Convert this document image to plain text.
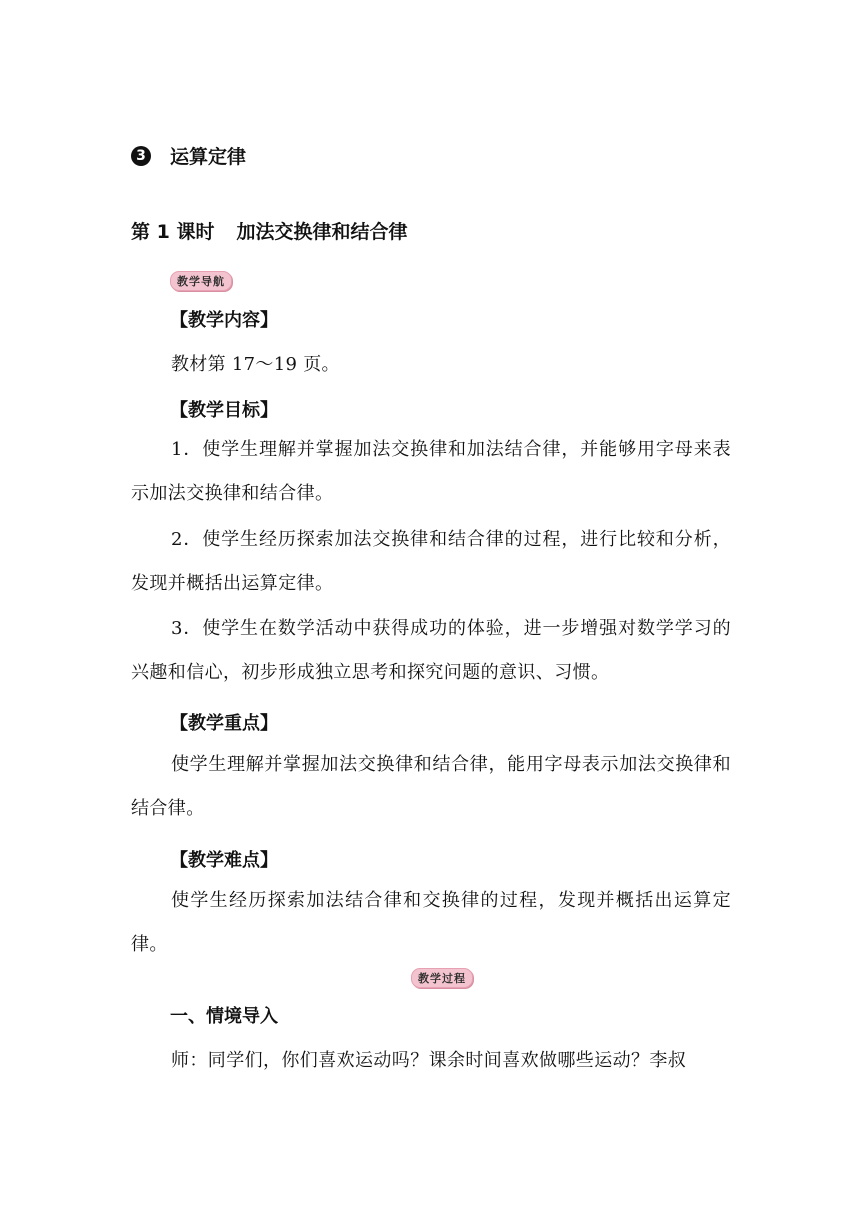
3 运算定律
第 1 课时 加法交换律和结合律
教学导航
【教学内容】
教材第 17～19 页。
【教学目标】
1．使学生理解并掌握加法交换律和加法结合律，并能够用字母来表示加法交换律和结合律。
2．使学生经历探索加法交换律和结合律的过程，进行比较和分析，发现并概括出运算定律。
3．使学生在数学活动中获得成功的体验，进一步增强对数学学习的兴趣和信心，初步形成独立思考和探究问题的意识、习惯。
【教学重点】
使学生理解并掌握加法交换律和结合律，能用字母表示加法交换律和结合律。
【教学难点】
使学生经历探索加法结合律和交换律的过程，发现并概括出运算定律。
教学过程
一、情境导入
师：同学们，你们喜欢运动吗？课余时间喜欢做哪些运动？李叔
